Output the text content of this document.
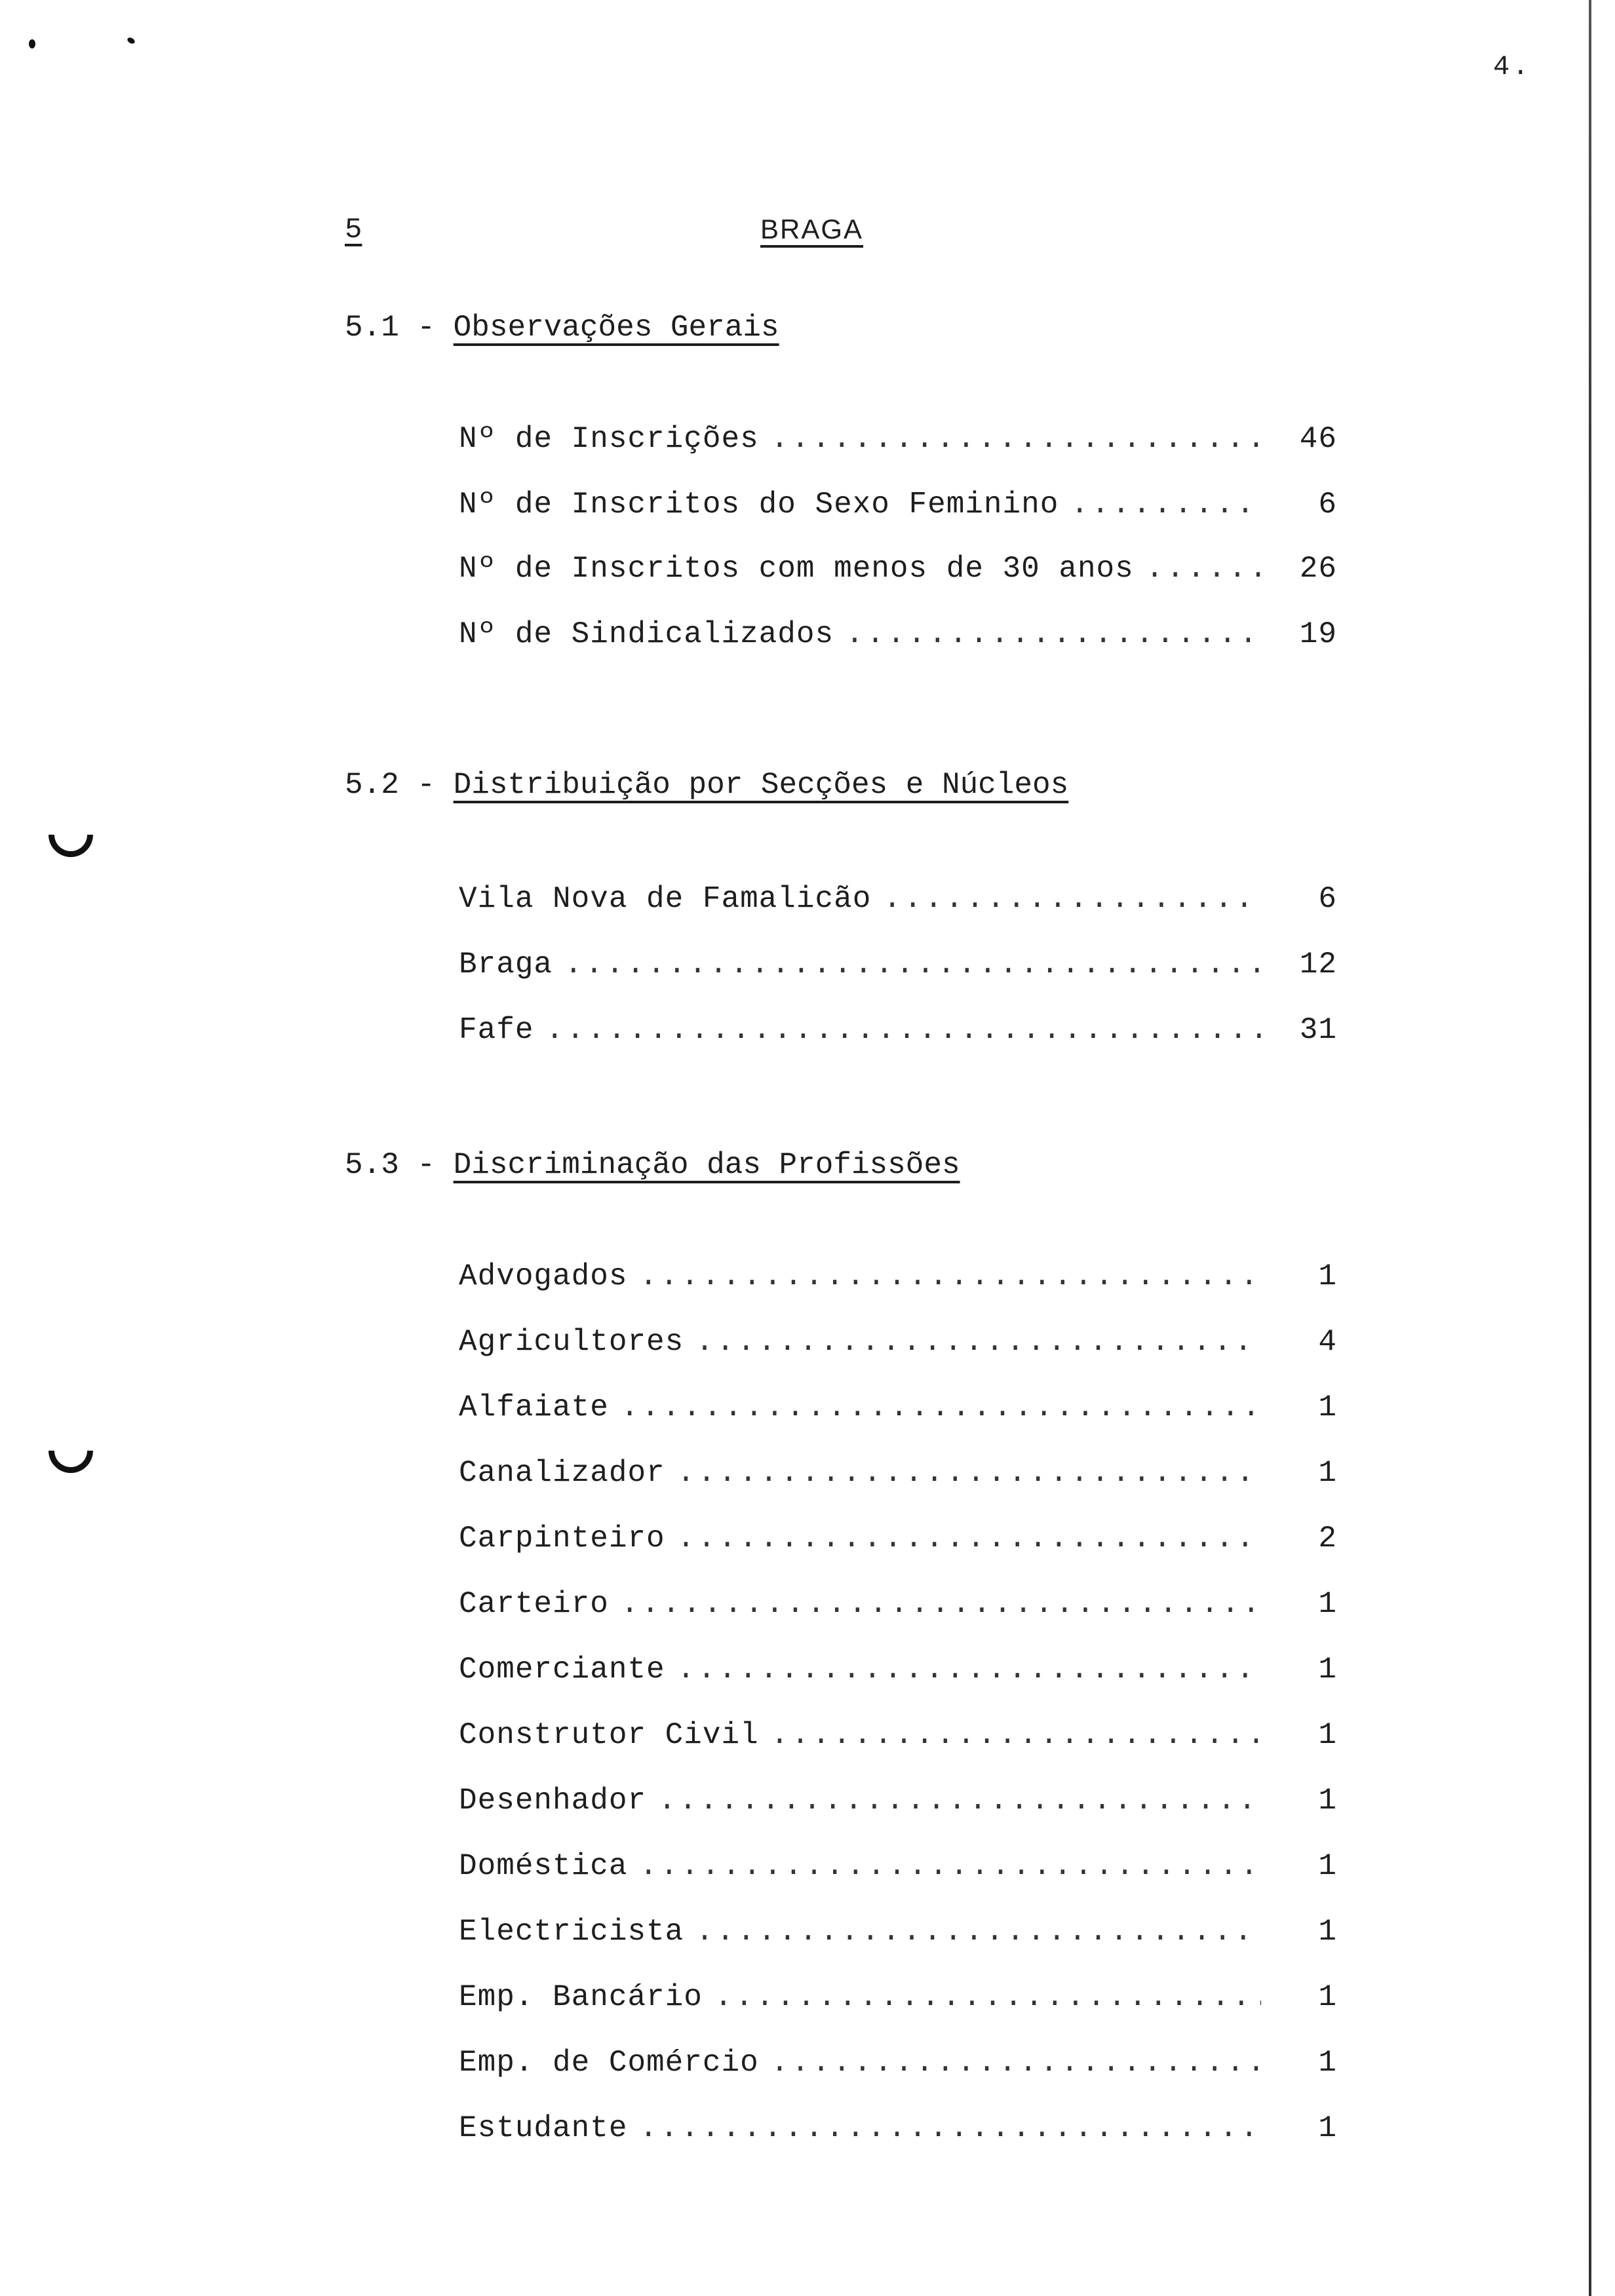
4.
5	BRAGA
5.1 - Observações Gerais
Nº de Inscrições .....	46
Nº de Inscritos do Sexo Feminino .....	6
Nº de Inscritos com menos de 30 anos .....	26
Nº de Sindicalizados .....	19
5.2 - Distribuição por Secções e Núcleos
Vila Nova de Famalicão .....	6
Braga .....	12
Fafe .....	31
5.3 - Discriminação das Profissões
Advogados .....	1
Agricultores .....	4
Alfaiate .....	1
Canalizador .....	1
Carpinteiro .....	2
Carteiro .....	1
Comerciante .....	1
Construtor Civil .....	1
Desenhador .....	1
Doméstica .....	1
Electricista .....	1
Emp. Bancário .....	1
Emp. de Comércio .....	1
Estudante .....	1
